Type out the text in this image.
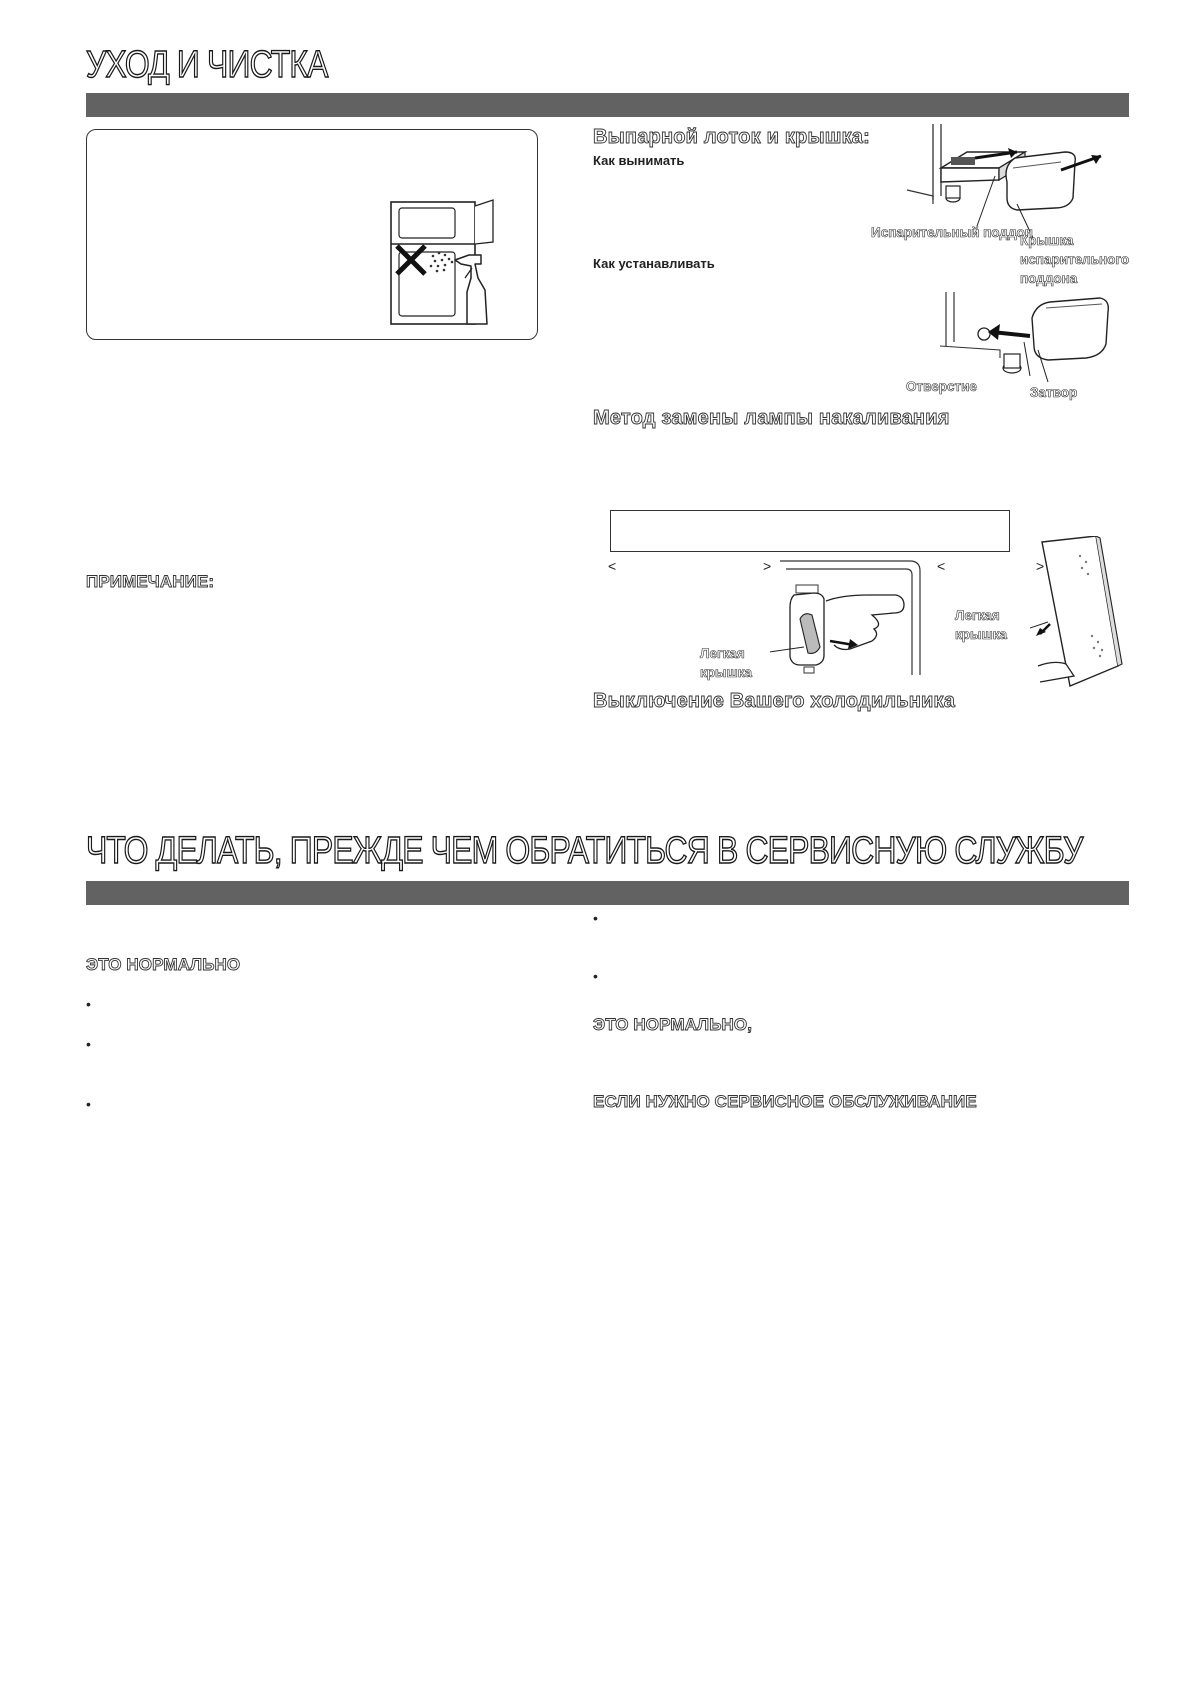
УХОД И ЧИСТКА
ПРИМЕЧАНИЕ:
Выпарной лоток и крышка:
Как вынимать
Как устанавливать
Испарительный поддон
Крышка испарительного поддона
Отверстие	Затвор
Метод замены лампы накаливания
<	>	<	>
Легкая крышка
Легкая крышка
Выключение Вашего холодильника
ЧТО ДЕЛАТЬ, ПРЕЖДЕ ЧЕМ ОБРАТИТЬСЯ В СЕРВИСНУЮ СЛУЖБУ
ЭТО НОРМАЛЬНО
•
•
•
•
•
ЭТО НОРМАЛЬНО,
ЕСЛИ НУЖНО СЕРВИСНОЕ ОБСЛУЖИВАНИЕ
